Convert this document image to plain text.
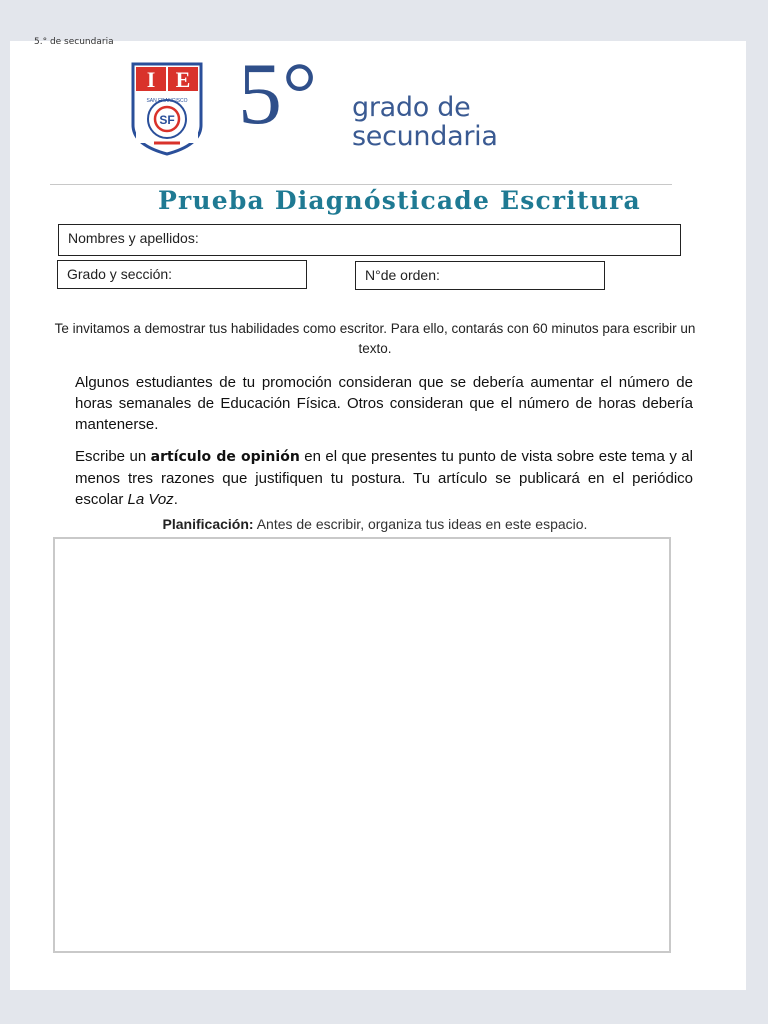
5.° de secundaria
I E
SF
SAN FRANCISCO 5° grado de
secundaria
Prueba Diagnósticade Escritura
Nombres y apellidos:
Grado y sección:	N°de orden:
Te invitamos a demostrar tus habilidades como escritor. Para ello, contarás con 60 minutos para escribir un texto.
Algunos estudiantes de tu promoción consideran que se debería aumentar el número de horas semanales de Educación Física. Otros consideran que el número de horas debería mantenerse.
Escribe un artículo de opinión en el que presentes tu punto de vista sobre este tema y al menos tres razones que justifiquen tu postura. Tu artículo se publicará en el periódico escolar La Voz.
Planificación: Antes de escribir, organiza tus ideas en este espacio.
